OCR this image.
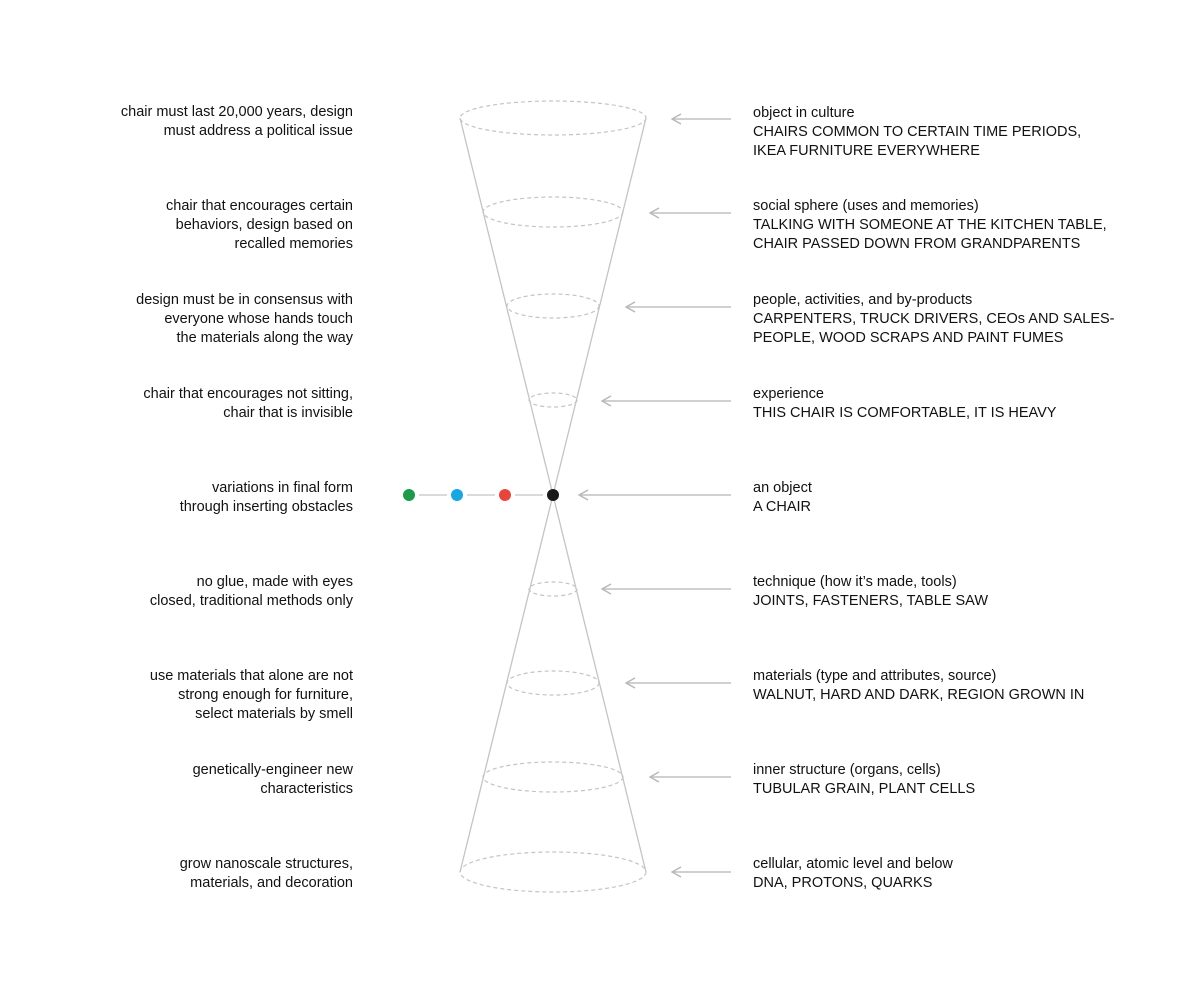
chair must last 20,000 years, design
must address a political issue
chair that encourages certain
behaviors, design based on
recalled memories
design must be in consensus with
everyone whose hands touch
the materials along the way
chair that encourages not sitting,
chair that is invisible
variations in final form
through inserting obstacles
no glue, made with eyes
closed, traditional methods only
use materials that alone are not
strong enough for furniture,
select materials by smell
genetically-engineer new
characteristics
grow nanoscale structures,
materials, and decoration
object in culture
CHAIRS COMMON TO CERTAIN TIME PERIODS,
IKEA FURNITURE EVERYWHERE
social sphere (uses and memories)
TALKING WITH SOMEONE AT THE KITCHEN TABLE,
CHAIR PASSED DOWN FROM GRANDPARENTS
people, activities, and by-products
CARPENTERS, TRUCK DRIVERS, CEOs AND SALES-
PEOPLE, WOOD SCRAPS AND PAINT FUMES
experience
THIS CHAIR IS COMFORTABLE, IT IS HEAVY
an object
A CHAIR
technique (how it’s made, tools)
JOINTS, FASTENERS, TABLE SAW
materials (type and attributes, source)
WALNUT, HARD AND DARK, REGION GROWN IN
inner structure (organs, cells)
TUBULAR GRAIN, PLANT CELLS
cellular, atomic level and below
DNA, PROTONS, QUARKS
